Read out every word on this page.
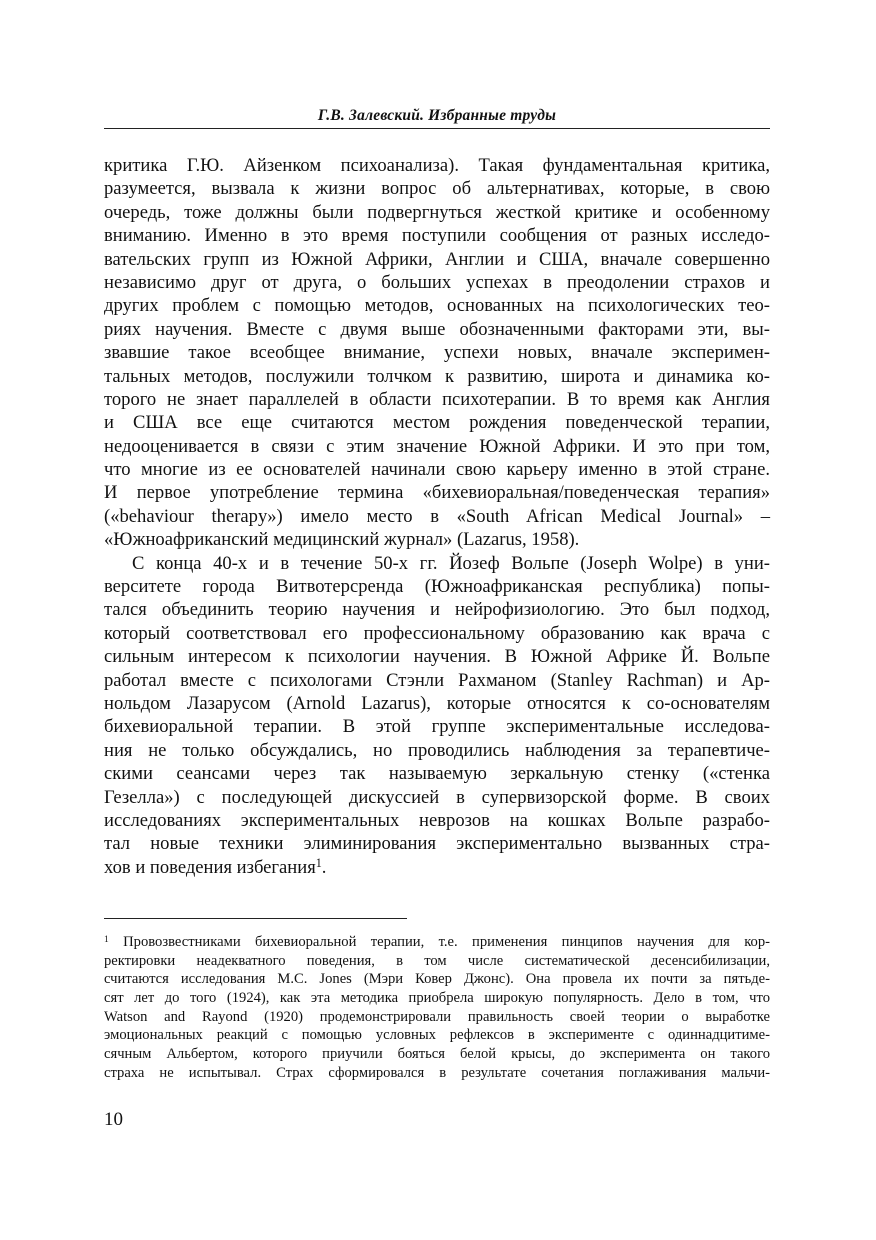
Г.В. Залевский. Избранные труды
критика Г.Ю. Айзенком психоанализа). Такая фундаментальная критика,
разумеется, вызвала к жизни вопрос об альтернативах, которые, в свою
очередь, тоже должны были подвергнуться жесткой критике и особенному
вниманию. Именно в это время поступили сообщения от разных исследо-
вательских групп из Южной Африки, Англии и США, вначале совершенно
независимо друг от друга, о больших успехах в преодолении страхов и
других проблем с помощью методов, основанных на психологических тео-
риях научения. Вместе с двумя выше обозначенными факторами эти, вы-
звавшие такое всеобщее внимание, успехи новых, вначале эксперимен-
тальных методов, послужили толчком к развитию, широта и динамика ко-
торого не знает параллелей в области психотерапии. В то время как Англия
и США все еще считаются местом рождения поведенческой терапии,
недооценивается в связи с этим значение Южной Африки. И это при том,
что многие из ее основателей начинали свою карьеру именно в этой стране.
И первое употребление термина «бихевиоральная/поведенческая терапия»
(«behaviour therapy») имело место в «South African Medical Journal» –
«Южноафриканский медицинский журнал» (Lazarus, 1958).
С конца 40-х и в течение 50-х гг. Йозеф Вольпе (Joseph Wolpe) в уни-
верситете города Витвотерсренда (Южноафриканская республика) попы-
тался объединить теорию научения и нейрофизиологию. Это был подход,
который соответствовал его профессиональному образованию как врача с
сильным интересом к психологии научения. В Южной Африке Й. Вольпе
работал вместе с психологами Стэнли Рахманом (Stanley Rachman) и Ар-
нольдом Лазарусом (Arnold Lazarus), которые относятся к со-основателям
бихевиоральной терапии. В этой группе экспериментальные исследова-
ния не только обсуждались, но проводились наблюдения за терапевтиче-
скими сеансами через так называемую зеркальную стенку («стенка
Гезелла») с последующей дискуссией в супервизорской форме. В своих
исследованиях экспериментальных неврозов на кошках Вольпе разрабо-
тал новые техники элиминирования экспериментально вызванных стра-
хов и поведения избегания$^1$.
$^1$ Провозвестниками бихевиоральной терапии, т.е. применения пинципов научения для кор-
ректировки неадекватного поведения, в том числе систематической десенсибилизации,
считаются исследования M.C. Jones (Мэри Ковер Джонс). Она провела их почти за пятьде-
сят лет до того (1924), как эта методика приобрела широкую популярность. Дело в том, что
Watson and Rayond (1920) продемонстрировали правильность своей теории о выработке
эмоциональных реакций с помощью условных рефлексов в эксперименте с одиннадцитиме-
сячным Альбертом, которого приучили бояться белой крысы, до эксперимента он такого
страха не испытывал. Страх сформировался в результате сочетания поглаживания мальчи-
10
